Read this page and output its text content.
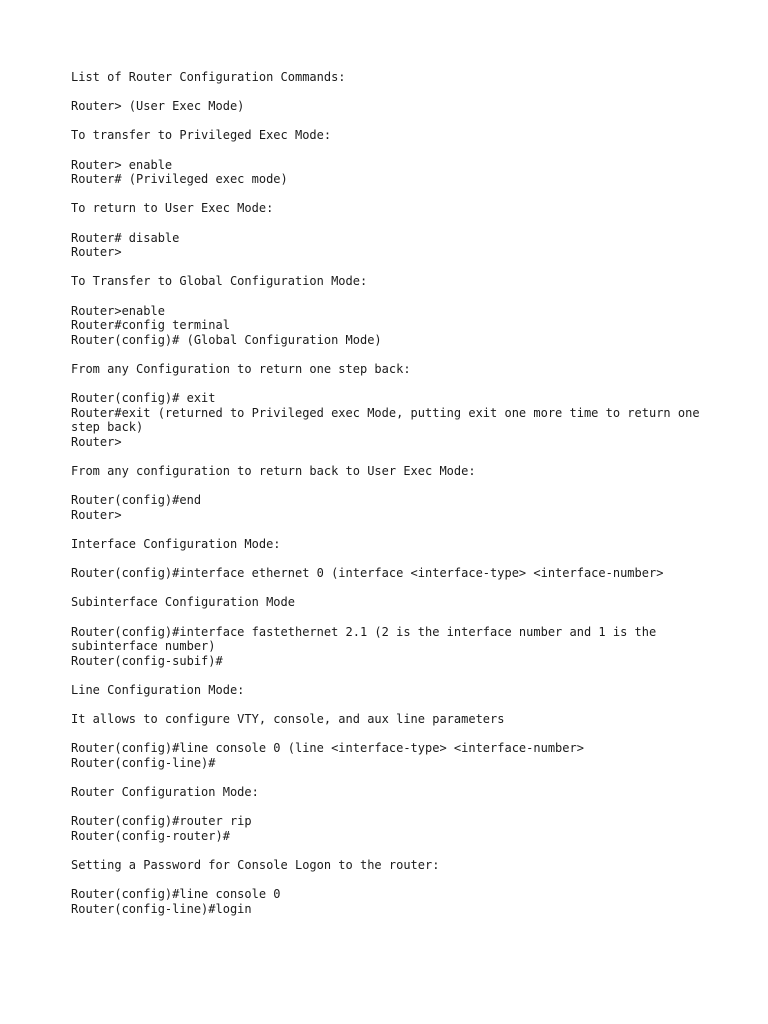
List of Router Configuration Commands:
Router> (User Exec Mode)
To transfer to Privileged Exec Mode:
Router> enable
Router# (Privileged exec mode)
To return to User Exec Mode:
Router# disable
Router>
To Transfer to Global Configuration Mode:
Router>enable
Router#config terminal
Router(config)# (Global Configuration Mode)
From any Configuration to return one step back:
Router(config)# exit
Router#exit (returned to Privileged exec Mode, putting exit one more time to return one step back)
Router>
From any configuration to return back to User Exec Mode:
Router(config)#end
Router>
Interface Configuration Mode:
Router(config)#interface ethernet 0 (interface <interface-type> <interface-number>
Subinterface Configuration Mode
Router(config)#interface fastethernet 2.1 (2 is the interface number and 1 is the subinterface number)
Router(config-subif)#
Line Configuration Mode:
It allows to configure VTY, console, and aux line parameters
Router(config)#line console 0 (line <interface-type> <interface-number>
Router(config-line)#
Router Configuration Mode:
Router(config)#router rip
Router(config-router)#
Setting a Password for Console Logon to the router:
Router(config)#line console 0
Router(config-line)#login
